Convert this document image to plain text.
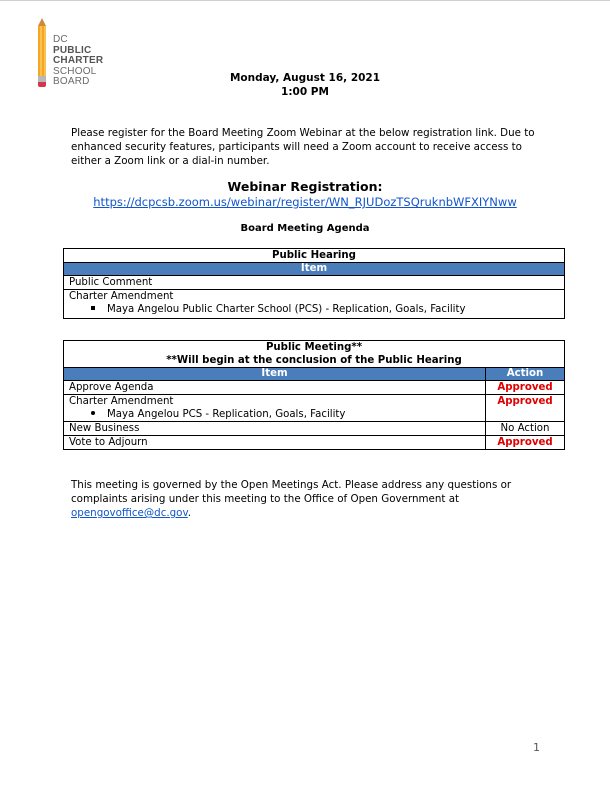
DC
PUBLIC
CHARTER
SCHOOL
BOARD	Monday, August 16, 2021
1:00 PM
Please register for the Board Meeting Zoom Webinar at the below registration link. Due to enhanced security features, participants will need a Zoom account to receive access to either a Zoom link or a dial-in number.
Webinar Registration:
https://dcpcsb.zoom.us/webinar/register/WN_RJUDozTSQruknbWFXIYNww
Board Meeting Agenda
Public Hearing
Item
Public Comment
Charter Amendment
Maya Angelou Public Charter School (PCS) - Replication, Goals, Facility
Public Meeting**
**Will begin at the conclusion of the Public Hearing	

Item	Action
Approve Agenda	Approved
Charter Amendment
Maya Angelou PCS - Replication, Goals, Facility	Approved
New Business	No Action
Vote to Adjourn	Approved
This meeting is governed by the Open Meetings Act. Please address any questions or complaints arising under this meeting to the Office of Open Government at opengovoffice@dc.gov.
1
